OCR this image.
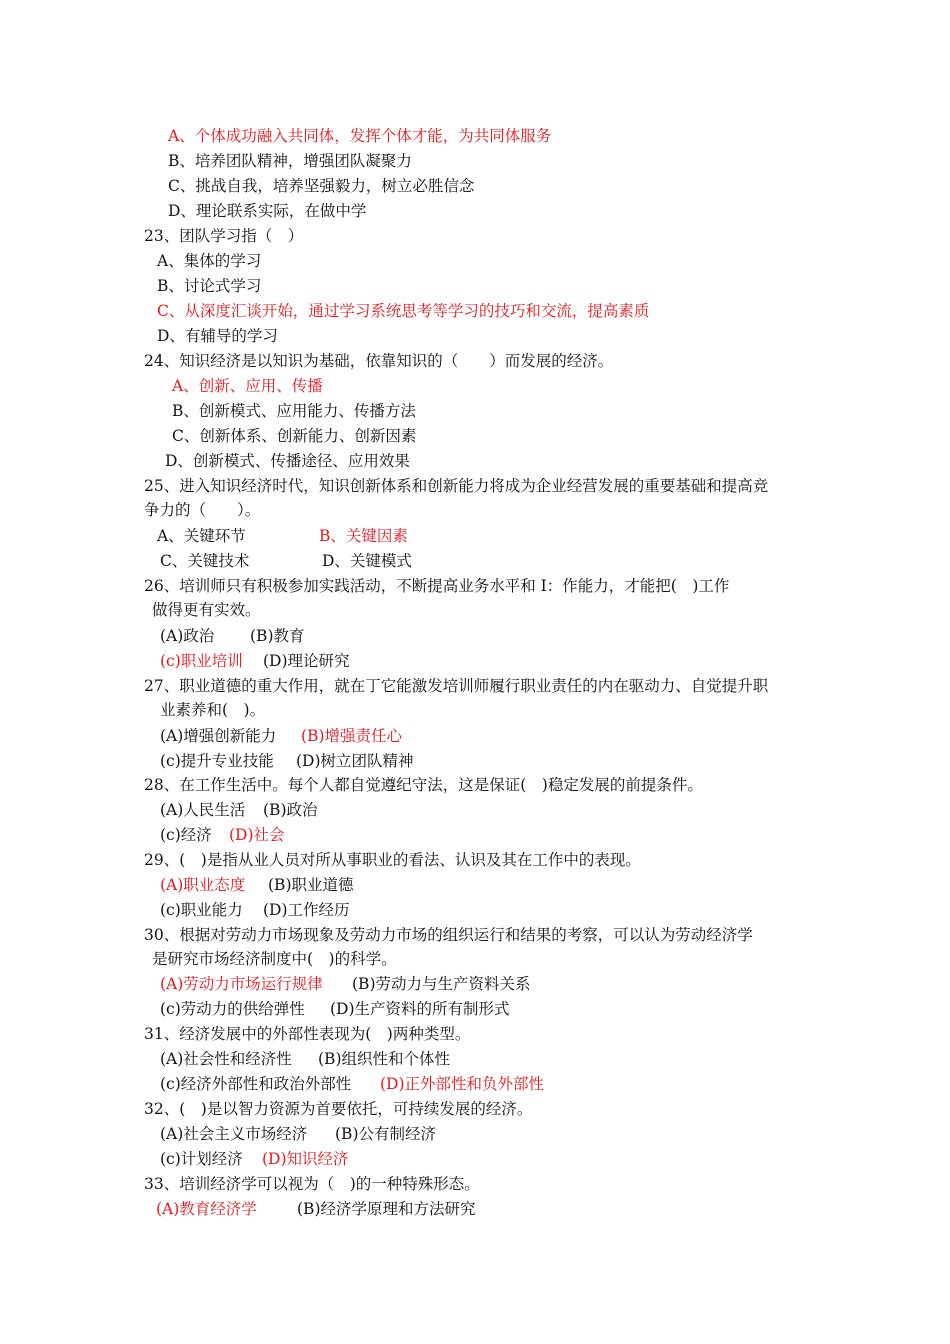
A、个体成功融入共同体，发挥个体才能，为共同体服务
B、培养团队精神，增强团队凝聚力
C、挑战自我，培养坚强毅力，树立必胜信念
D、理论联系实际，在做中学
23、团队学习指（　）
A、集体的学习
B、讨论式学习
C、从深度汇谈开始，通过学习系统思考等学习的技巧和交流，提高素质
D、有辅导的学习
24、知识经济是以知识为基础，依靠知识的（　　）而发展的经济。
A、创新、应用、传播
B、创新模式、应用能力、传播方法
C、创新体系、创新能力、创新因素
D、创新模式、传播途径、应用效果
25、进入知识经济时代，知识创新体系和创新能力将成为企业经营发展的重要基础和提高竞
争力的（　　）。
A、关键环节	B、关键因素
C、关键技术	D、关键模式
26、培训师只有积极参加实践活动，不断提高业务水平和 I：作能力，才能把(　)工作
做得更有实效。
(A)政治 (B)教育
(c)职业培训 (D)理论研究
27、职业道德的重大作用，就在丁它能激发培训师履行职业责任的内在驱动力、自觉提升职
业素养和(　)。
(A)增强创新能力 (B)增强责任心
(c)提升专业技能 (D)树立团队精神
28、在工作生活中。每个人都自觉遵纪守法，这是保证(　)稳定发展的前提条件。
(A)人民生活 (B)政治
(c)经济 (D)社会
29、(　)是指从业人员对所从事职业的看法、认识及其在工作中的表现。
(A)职业态度 (B)职业道德
(c)职业能力 (D)工作经历
30、根据对劳动力市场现象及劳动力市场的组织运行和结果的考察，可以认为劳动经济学
是研究市场经济制度中(　)的科学。
(A)劳动力市场运行规律 (B)劳动力与生产资料关系
(c)劳动力的供给弹性 (D)生产资料的所有制形式
31、经济发展中的外部性表现为(　)两种类型。
(A)社会性和经济性 (B)组织性和个体性
(c)经济外部性和政治外部性 (D)正外部性和负外部性
32、(　)是以智力资源为首要依托，可持续发展的经济。
(A)社会主义市场经济 (B)公有制经济
(c)计划经济 (D)知识经济
33、培训经济学可以视为（　)的一种特殊形态。
(A)教育经济学	(B)经济学原理和方法研究
